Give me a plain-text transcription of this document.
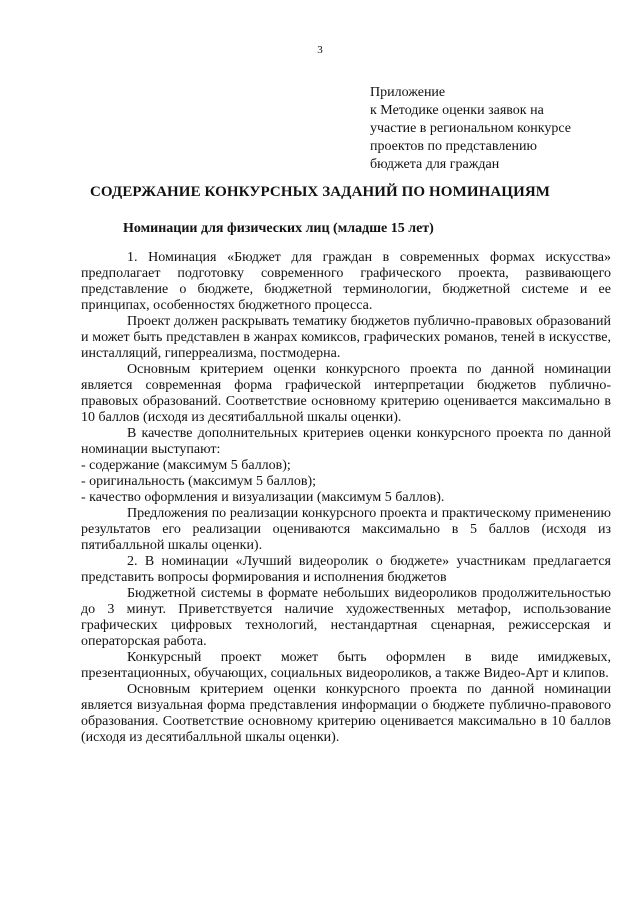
3
Приложение
к Методике оценки заявок на
участие в региональном конкурсе
проектов по представлению
бюджета для граждан
СОДЕРЖАНИЕ КОНКУРСНЫХ ЗАДАНИЙ ПО НОМИНАЦИЯМ
Номинации для физических лиц (младше 15 лет)

1. Номинация «Бюджет для граждан в современных формах искусства» предполагает подготовку современного графического проекта, развивающего представление о бюджете, бюджетной терминологии, бюджетной системе и ее принципах, особенностях бюджетного процесса.

Проект должен раскрывать тематику бюджетов публично-правовых образований и может быть представлен в жанрах комиксов, графических романов, теней в искусстве, инсталляций, гиперреализма, постмодерна.

Основным критерием оценки конкурсного проекта по данной номинации является современная форма графической интерпретации бюджетов публично-правовых образований. Соответствие основному критерию оценивается максимально в 10 баллов (исходя из десятибалльной шкалы оценки).

В качестве дополнительных критериев оценки конкурсного проекта по данной номинации выступают:

- содержание (максимум 5 баллов);
- оригинальность (максимум 5 баллов);
- качество оформления и визуализации (максимум 5 баллов).

Предложения по реализации конкурсного проекта и практическому применению результатов его реализации оцениваются максимально в 5 баллов (исходя из пятибалльной шкалы оценки).

2. В номинации «Лучший видеоролик о бюджете» участникам предлагается представить вопросы формирования и исполнения бюджетов

Бюджетной системы в формате небольших видеороликов продолжительностью до 3 минут. Приветствуется наличие художественных метафор, использование графических цифровых технологий, нестандартная сценарная, режиссерская и операторская работа.

Конкурсный проект может быть оформлен в виде имиджевых, презентационных, обучающих, социальных видеороликов, а также Видео-Арт и клипов.

Основным критерием оценки конкурсного проекта по данной номинации является визуальная форма представления информации о бюджете публично-правового образования. Соответствие основному критерию оценивается максимально в 10 баллов (исходя из десятибалльной шкалы оценки).
